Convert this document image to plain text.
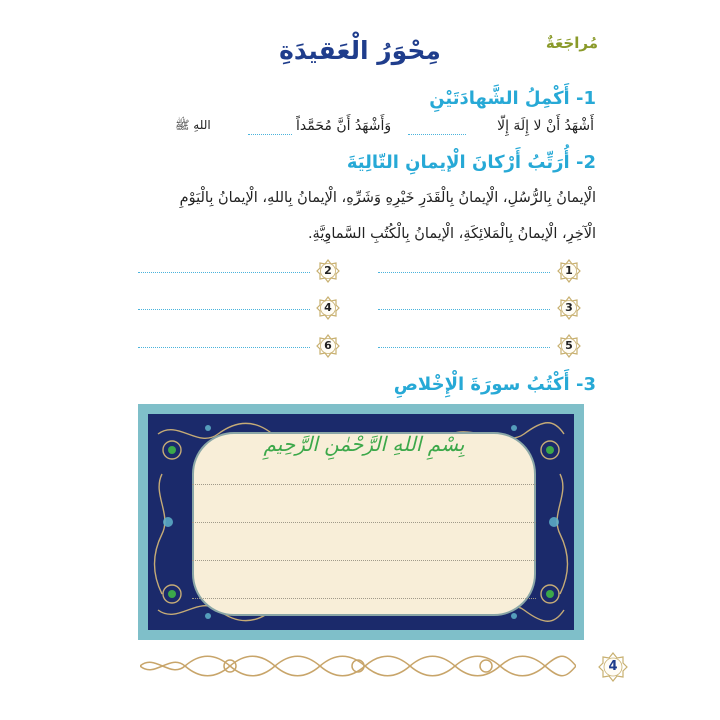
مُراجَعَةٌ
مِحْوَرُ الْعَقيدَةِ
1- أَكْمِلُ الشَّهادَتَيْنِ
أَشْهَدُ أَنْ لا إِلَهَ إِلّا
وَأَشْهَدُ أَنَّ مُحَمَّداً
اللهِ ﷺ
2- أُرَتِّبُ أَرْكانَ الْإيمانِ التّالِيَةَ
الْإيمانُ بِالرُّسُلِ، الْإيمانُ بِالْقَدَرِ خَيْرِهِ وَشَرِّهِ، الْإيمانُ بِاللهِ، الْإيمانُ بِالْيَوْمِ
الْآخِرِ، الْإيمانُ بِالْمَلائِكَةِ، الْإيمانُ بِالْكُتُبِ السَّماوِيَّةِ.
1
3
5
2
4
6
3- أَكْتُبُ سورَةَ الْإِخْلاصِ
بِسْمِ اللهِ الرَّحْمٰنِ الرَّحِيمِ
4
